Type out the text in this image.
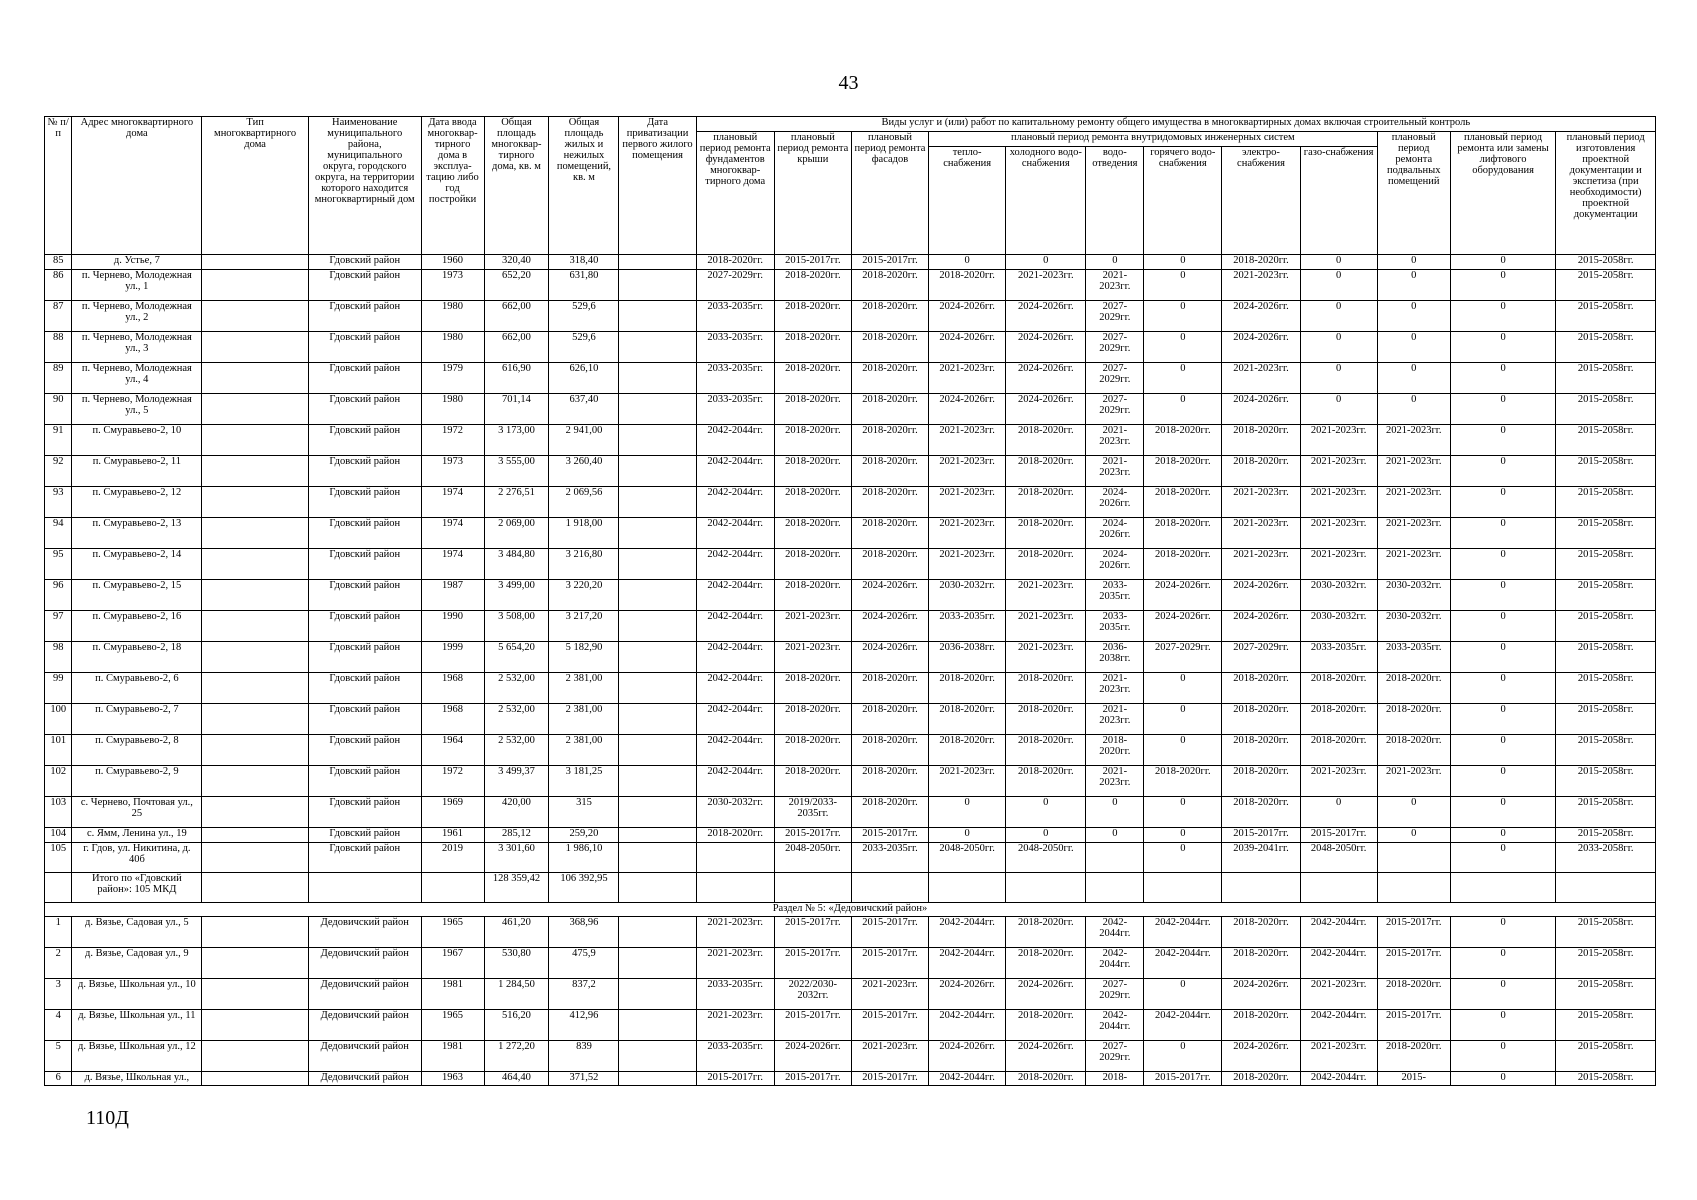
43
№ п/п	Адрес многоквартирного дома	Тип многоквартирного дома	Наименование муниципального района, муниципального округа, городского округа, на территории которого находится многоквартирный дом	Дата ввода многоквар-тирного дома в эксплуа-тацию либо год постройки	Общая площадь многоквар-тирного дома, кв. м	Общая площадь жилых и нежилых помещений, кв. м	Дата приватизации первого жилого помещения	Виды услуг и (или) работ по капитальному ремонту общего имущества в многоквартирных домах включая строительный контроль											
								плановый период ремонта фундаментов многоквар-тирного дома	плановый период ремонта крыши	плановый период ремонта фасадов	плановый период ремонта внутридомовых инженерных систем						плановый период ремонта подвальных помещений	плановый период ремонта или замены лифтового оборудования	плановый период изготовления проектной документации и экспетиза (при необходимости) проектной документации
											тепло-снабжения	холодного водо-снабжения	водо-отведения	горячего водо-снабжения	электро-снабжения	газо-снабжения			
85	д. Устье, 7		Гдовский район	1960	320,40	318,40		2018-2020гг.	2015-2017гг.	2015-2017гг.	0	0	0	0	2018-2020гг.	0	0	0	2015-2058гг.
86	п. Чернево, Молодежная ул., 1		Гдовский район	1973	652,20	631,80		2027-2029гг.	2018-2020гг.	2018-2020гг.	2018-2020гг.	2021-2023гг.	2021-2023гг.	0	2021-2023гг.	0	0	0	2015-2058гг.
87	п. Чернево, Молодежная ул., 2		Гдовский район	1980	662,00	529,6		2033-2035гг.	2018-2020гг.	2018-2020гг.	2024-2026гг.	2024-2026гг.	2027-2029гг.	0	2024-2026гг.	0	0	0	2015-2058гг.
88	п. Чернево, Молодежная ул., 3		Гдовский район	1980	662,00	529,6		2033-2035гг.	2018-2020гг.	2018-2020гг.	2024-2026гг.	2024-2026гг.	2027-2029гг.	0	2024-2026гг.	0	0	0	2015-2058гг.
89	п. Чернево, Молодежная ул., 4		Гдовский район	1979	616,90	626,10		2033-2035гг.	2018-2020гг.	2018-2020гг.	2021-2023гг.	2024-2026гг.	2027-2029гг.	0	2021-2023гг.	0	0	0	2015-2058гг.
90	п. Чернево, Молодежная ул., 5		Гдовский район	1980	701,14	637,40		2033-2035гг.	2018-2020гг.	2018-2020гг.	2024-2026гг.	2024-2026гг.	2027-2029гг.	0	2024-2026гг.	0	0	0	2015-2058гг.
91	п. Смуравьево-2, 10		Гдовский район	1972	3 173,00	2 941,00		2042-2044гг.	2018-2020гг.	2018-2020гг.	2021-2023гг.	2018-2020гг.	2021-2023гг.	2018-2020гг.	2018-2020гг.	2021-2023гг.	2021-2023гг.	0	2015-2058гг.
92	п. Смуравьево-2, 11		Гдовский район	1973	3 555,00	3 260,40		2042-2044гг.	2018-2020гг.	2018-2020гг.	2021-2023гг.	2018-2020гг.	2021-2023гг.	2018-2020гг.	2018-2020гг.	2021-2023гг.	2021-2023гг.	0	2015-2058гг.
93	п. Смуравьево-2, 12		Гдовский район	1974	2 276,51	2 069,56		2042-2044гг.	2018-2020гг.	2018-2020гг.	2021-2023гг.	2018-2020гг.	2024-2026гг.	2018-2020гг.	2021-2023гг.	2021-2023гг.	2021-2023гг.	0	2015-2058гг.
94	п. Смуравьево-2, 13		Гдовский район	1974	2 069,00	1 918,00		2042-2044гг.	2018-2020гг.	2018-2020гг.	2021-2023гг.	2018-2020гг.	2024-2026гг.	2018-2020гг.	2021-2023гг.	2021-2023гг.	2021-2023гг.	0	2015-2058гг.
95	п. Смуравьево-2, 14		Гдовский район	1974	3 484,80	3 216,80		2042-2044гг.	2018-2020гг.	2018-2020гг.	2021-2023гг.	2018-2020гг.	2024-2026гг.	2018-2020гг.	2021-2023гг.	2021-2023гг.	2021-2023гг.	0	2015-2058гг.
96	п. Смуравьево-2, 15		Гдовский район	1987	3 499,00	3 220,20		2042-2044гг.	2018-2020гг.	2024-2026гг.	2030-2032гг.	2021-2023гг.	2033-2035гг.	2024-2026гг.	2024-2026гг.	2030-2032гг.	2030-2032гг.	0	2015-2058гг.
97	п. Смуравьево-2, 16		Гдовский район	1990	3 508,00	3 217,20		2042-2044гг.	2021-2023гг.	2024-2026гг.	2033-2035гг.	2021-2023гг.	2033-2035гг.	2024-2026гг.	2024-2026гг.	2030-2032гг.	2030-2032гг.	0	2015-2058гг.
98	п. Смуравьево-2, 18		Гдовский район	1999	5 654,20	5 182,90		2042-2044гг.	2021-2023гг.	2024-2026гг.	2036-2038гг.	2021-2023гг.	2036-2038гг.	2027-2029гг.	2027-2029гг.	2033-2035гг.	2033-2035гг.	0	2015-2058гг.
99	п. Смуравьево-2, 6		Гдовский район	1968	2 532,00	2 381,00		2042-2044гг.	2018-2020гг.	2018-2020гг.	2018-2020гг.	2018-2020гг.	2021-2023гг.	0	2018-2020гг.	2018-2020гг.	2018-2020гг.	0	2015-2058гг.
100	п. Смуравьево-2, 7		Гдовский район	1968	2 532,00	2 381,00		2042-2044гг.	2018-2020гг.	2018-2020гг.	2018-2020гг.	2018-2020гг.	2021-2023гг.	0	2018-2020гг.	2018-2020гг.	2018-2020гг.	0	2015-2058гг.
101	п. Смуравьево-2, 8		Гдовский район	1964	2 532,00	2 381,00		2042-2044гг.	2018-2020гг.	2018-2020гг.	2018-2020гг.	2018-2020гг.	2018-2020гг.	0	2018-2020гг.	2018-2020гг.	2018-2020гг.	0	2015-2058гг.
102	п. Смуравьево-2, 9		Гдовский район	1972	3 499,37	3 181,25		2042-2044гг.	2018-2020гг.	2018-2020гг.	2021-2023гг.	2018-2020гг.	2021-2023гг.	2018-2020гг.	2018-2020гг.	2021-2023гг.	2021-2023гг.	0	2015-2058гг.
103	с. Чернево, Почтовая ул., 25		Гдовский район	1969	420,00	315		2030-2032гг.	2019/2033-2035гг.	2018-2020гг.	0	0	0	0	2018-2020гг.	0	0	0	2015-2058гг.
104	с. Ямм, Ленина ул., 19		Гдовский район	1961	285,12	259,20		2018-2020гг.	2015-2017гг.	2015-2017гг.	0	0	0	0	2015-2017гг.	2015-2017гг.	0	0	2015-2058гг.
105	г. Гдов, ул. Никитина, д. 40б		Гдовский район	2019	3 301,60	1 986,10			2048-2050гг.	2033-2035гг.	2048-2050гг.	2048-2050гг.		0	2039-2041гг.	2048-2050гг.		0	2033-2058гг.
	Итого по «Гдовский район»: 105 МКД				128 359,42	106 392,95													
Раздел № 5: «Дедовичский район»																			
1	д. Вязье, Садовая ул., 5		Дедовичский район	1965	461,20	368,96		2021-2023гг.	2015-2017гг.	2015-2017гг.	2042-2044гг.	2018-2020гг.	2042-2044гг.	2042-2044гг.	2018-2020гг.	2042-2044гг.	2015-2017гг.	0	2015-2058гг.
2	д. Вязье, Садовая ул., 9		Дедовичский район	1967	530,80	475,9		2021-2023гг.	2015-2017гг.	2015-2017гг.	2042-2044гг.	2018-2020гг.	2042-2044гг.	2042-2044гг.	2018-2020гг.	2042-2044гг.	2015-2017гг.	0	2015-2058гг.
3	д. Вязье, Школьная ул., 10		Дедовичский район	1981	1 284,50	837,2		2033-2035гг.	2022/2030-2032гг.	2021-2023гг.	2024-2026гг.	2024-2026гг.	2027-2029гг.	0	2024-2026гг.	2021-2023гг.	2018-2020гг.	0	2015-2058гг.
4	д. Вязье, Школьная ул., 11		Дедовичский район	1965	516,20	412,96		2021-2023гг.	2015-2017гг.	2015-2017гг.	2042-2044гг.	2018-2020гг.	2042-2044гг.	2042-2044гг.	2018-2020гг.	2042-2044гг.	2015-2017гг.	0	2015-2058гг.
5	д. Вязье, Школьная ул., 12		Дедовичский район	1981	1 272,20	839		2033-2035гг.	2024-2026гг.	2021-2023гг.	2024-2026гг.	2024-2026гг.	2027-2029гг.	0	2024-2026гг.	2021-2023гг.	2018-2020гг.	0	2015-2058гг.
6	д. Вязье, Школьная ул.,		Дедовичский район	1963	464,40	371,52		2015-2017гг.	2015-2017гг.	2015-2017гг.	2042-2044гг.	2018-2020гг.	2018-	2015-2017гг.	2018-2020гг.	2042-2044гг.	2015-	0	2015-2058гг.
110Д
